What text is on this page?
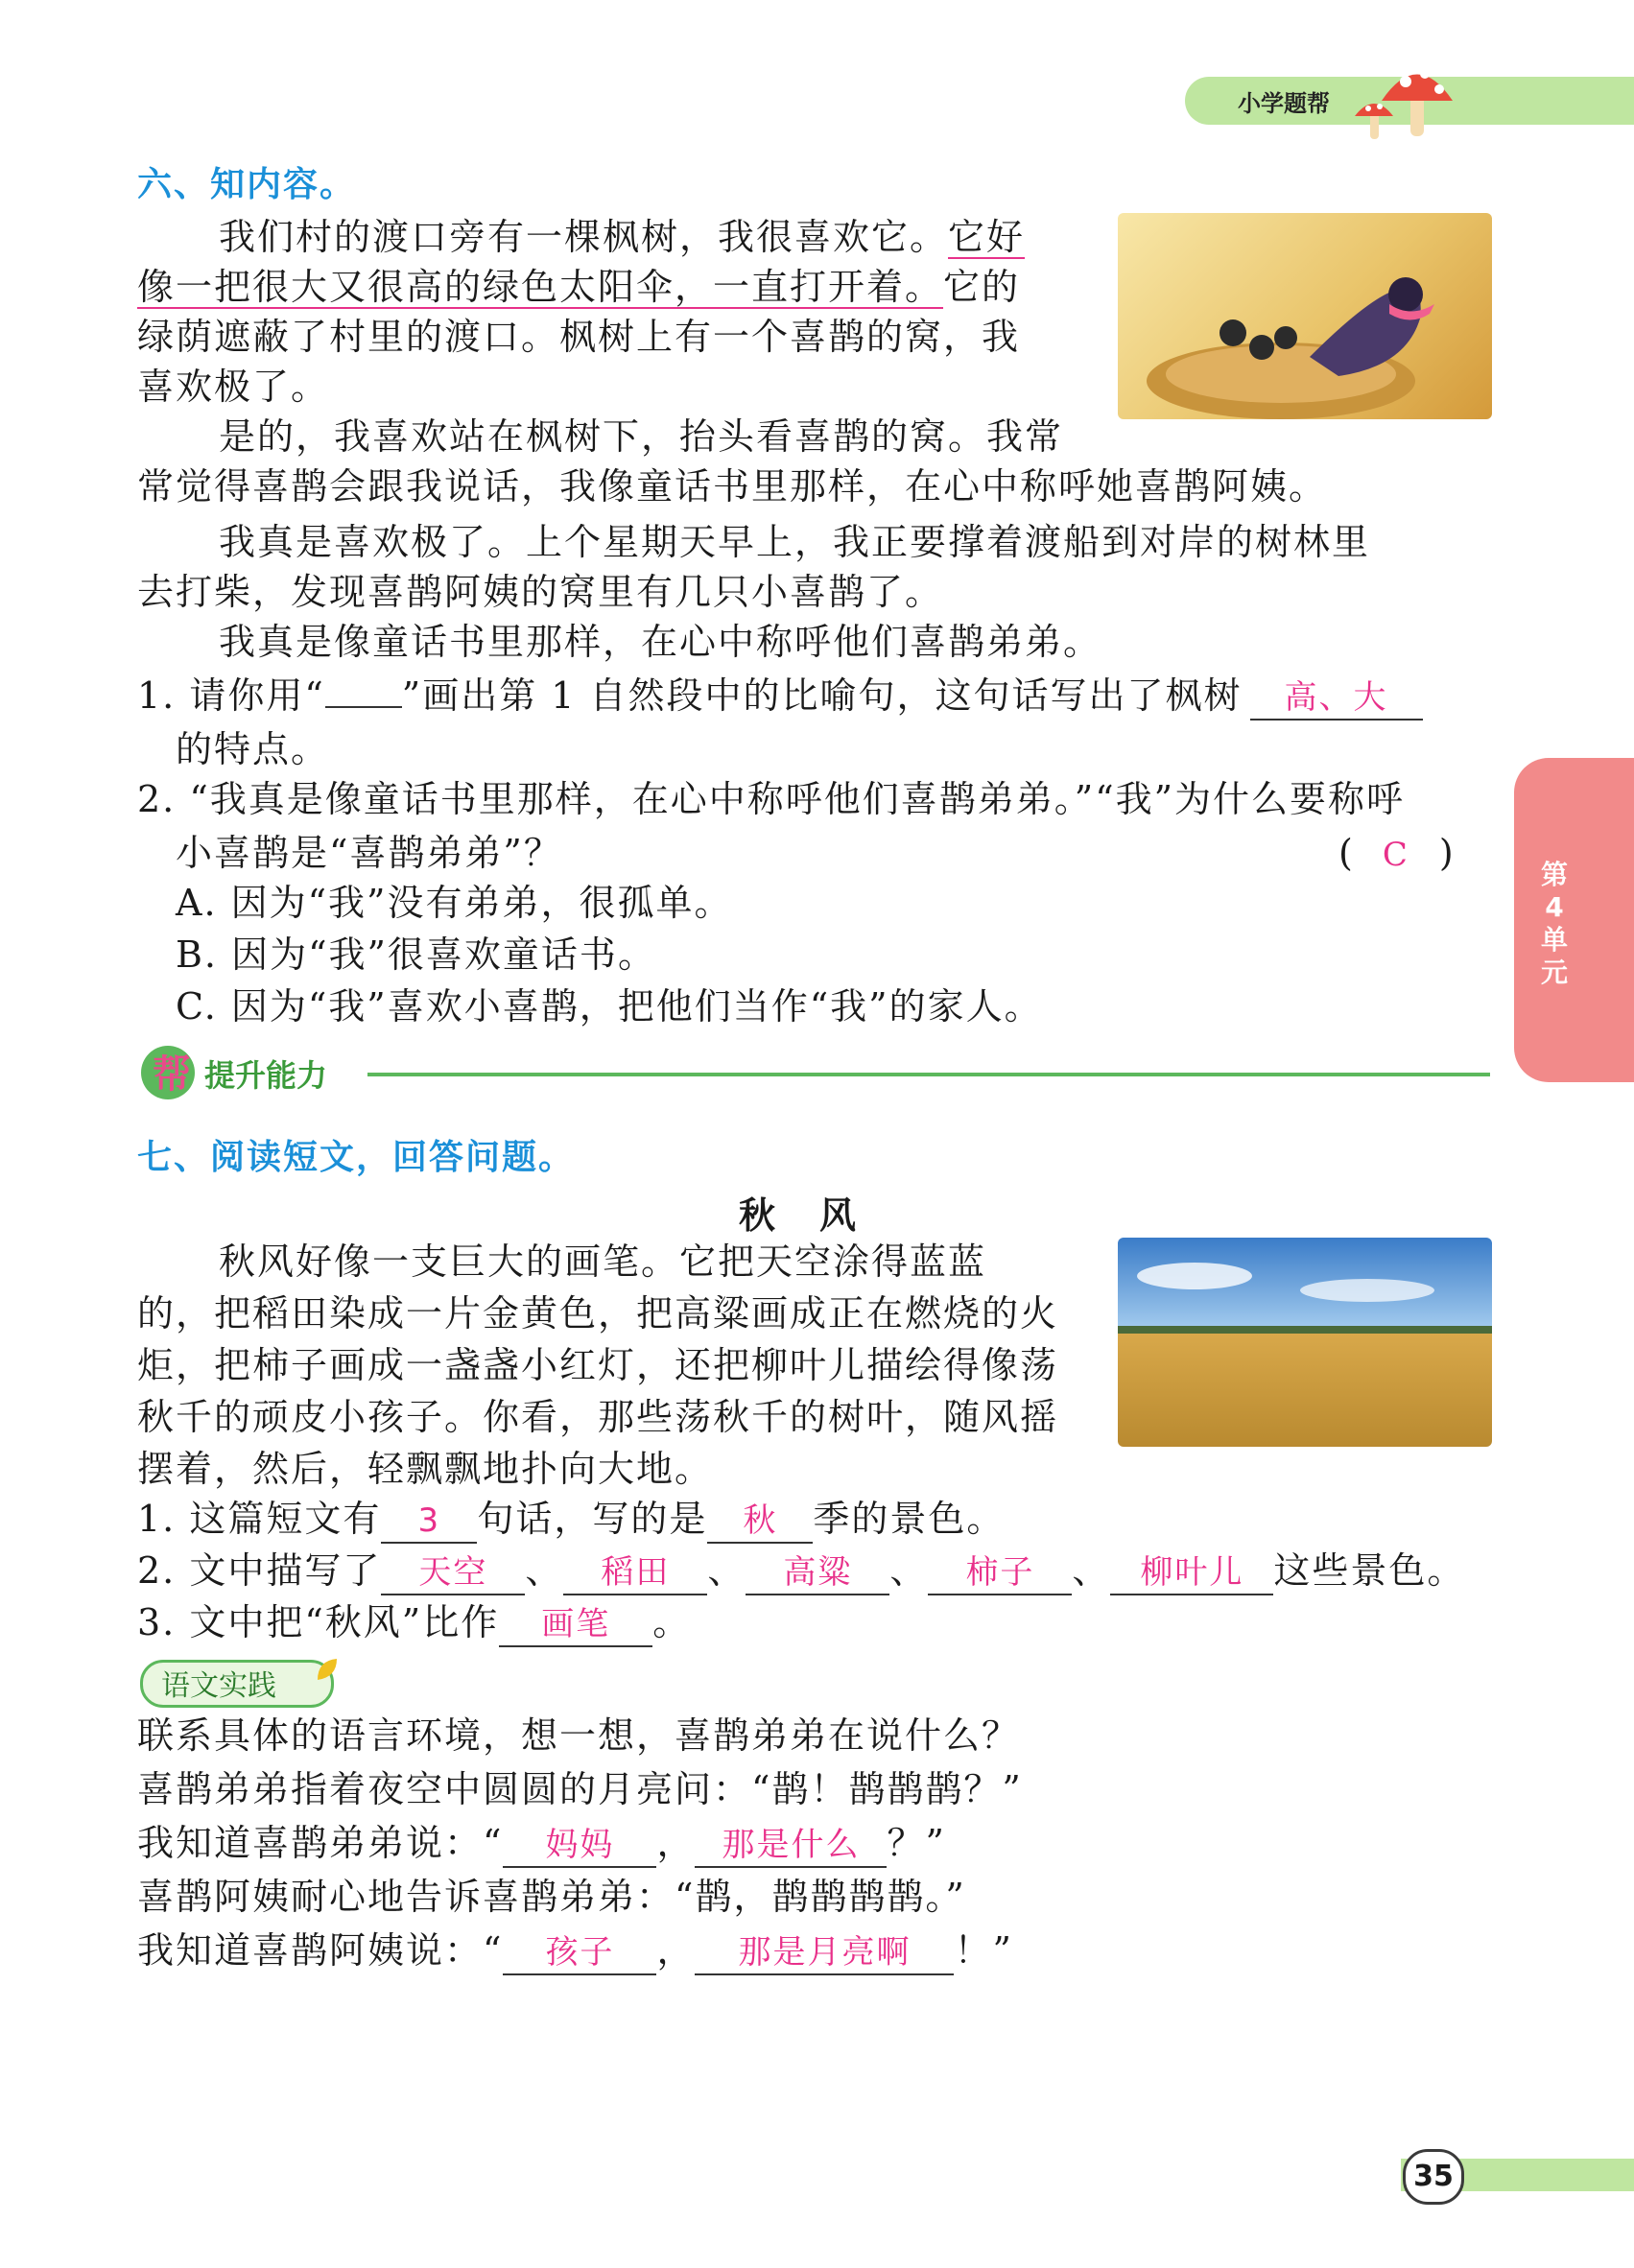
小学题帮
第4单元
六、知内容。
我们村的渡口旁有一棵枫树，我很喜欢它。它好
像一把很大又很高的绿色太阳伞，一直打开着。它的
绿荫遮蔽了村里的渡口。枫树上有一个喜鹊的窝，我
喜欢极了。
是的，我喜欢站在枫树下，抬头看喜鹊的窝。我常
常觉得喜鹊会跟我说话，我像童话书里那样，在心中称呼她喜鹊阿姨。
我真是喜欢极了。上个星期天早上，我正要撑着渡船到对岸的树林里
去打柴，发现喜鹊阿姨的窝里有几只小喜鹊了。
我真是像童话书里那样，在心中称呼他们喜鹊弟弟。
1. 请你用“ ”画出第 1 自然段中的比喻句，这句话写出了枫树 高、大
的特点。
2. “我真是像童话书里那样，在心中称呼他们喜鹊弟弟。”“我”为什么要称呼
小喜鹊是“喜鹊弟弟”？	( C )
A. 因为“我”没有弟弟，很孤单。
B. 因为“我”很喜欢童话书。
C. 因为“我”喜欢小喜鹊，把他们当作“我”的家人。
帮 提升能力
七、阅读短文，回答问题。
秋　风
秋风好像一支巨大的画笔。它把天空涂得蓝蓝
的，把稻田染成一片金黄色，把高粱画成正在燃烧的火
炬，把柿子画成一盏盏小红灯，还把柳叶儿描绘得像荡
秋千的顽皮小孩子。你看，那些荡秋千的树叶，随风摇
摆着，然后，轻飘飘地扑向大地。
1. 这篇短文有 3 句话，写的是 秋 季的景色。
2. 文中描写了 天空 、 稻田 、 高粱 、 柿子 、 柳叶儿 这些景色。
3. 文中把“秋风”比作 画笔 。
语文实践
联系具体的语言环境，想一想，喜鹊弟弟在说什么？
喜鹊弟弟指着夜空中圆圆的月亮问：“鹊！鹊鹊鹊？”
我知道喜鹊弟弟说：“ 妈妈 ， 那是什么 ？”
喜鹊阿姨耐心地告诉喜鹊弟弟：“鹊，鹊鹊鹊鹊。”
我知道喜鹊阿姨说：“ 孩子 ， 那是月亮啊 ！”
35
